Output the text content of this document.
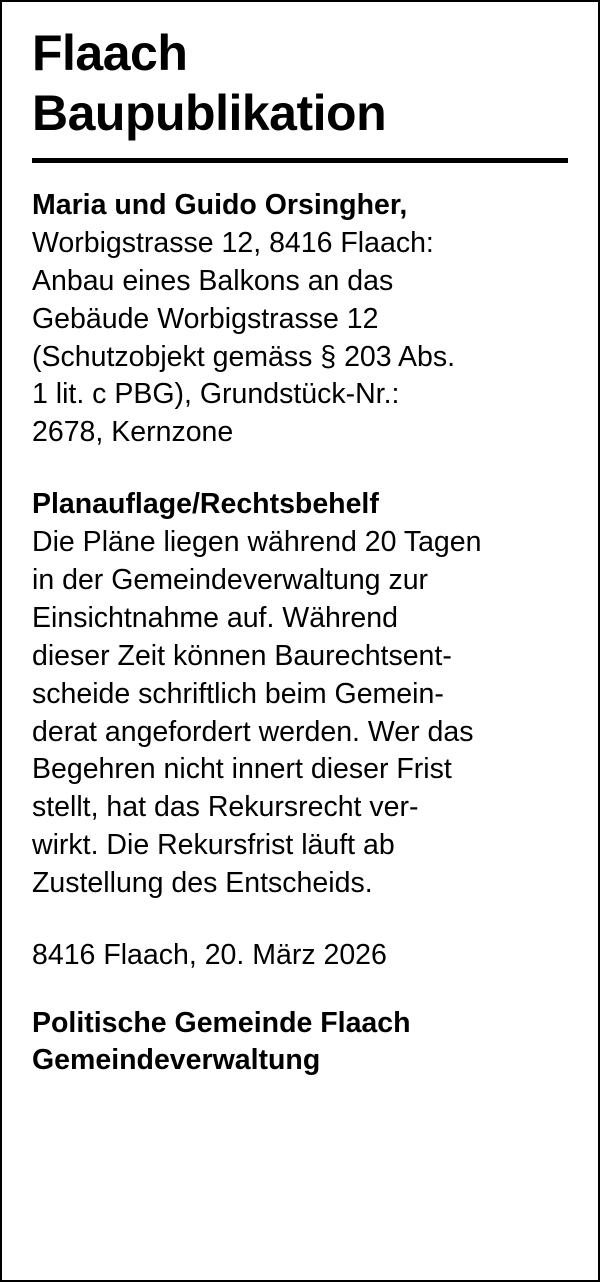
Flaach
Baupublikation

Maria und Guido Orsingher,
Worbigstrasse 12, 8416 Flaach:
Anbau eines Balkons an das
Gebäude Worbigstrasse 12
(Schutzobjekt gemäss § 203 Abs.
1 lit. c PBG), Grundstück-Nr.:
2678, Kernzone

Planauflage/Rechtsbehelf

Die Pläne liegen während 20 Tagen
in der Gemeindeverwaltung zur
Einsichtnahme auf. Während
dieser Zeit können Baurechtsent-
scheide schriftlich beim Gemein-
derat angefordert werden. Wer das
Begehren nicht innert dieser Frist
stellt, hat das Rekursrecht ver-
wirkt. Die Rekursfrist läuft ab
Zustellung des Entscheids.

8416 Flaach, 20. März 2026

Politische Gemeinde Flaach
Gemeindeverwaltung
